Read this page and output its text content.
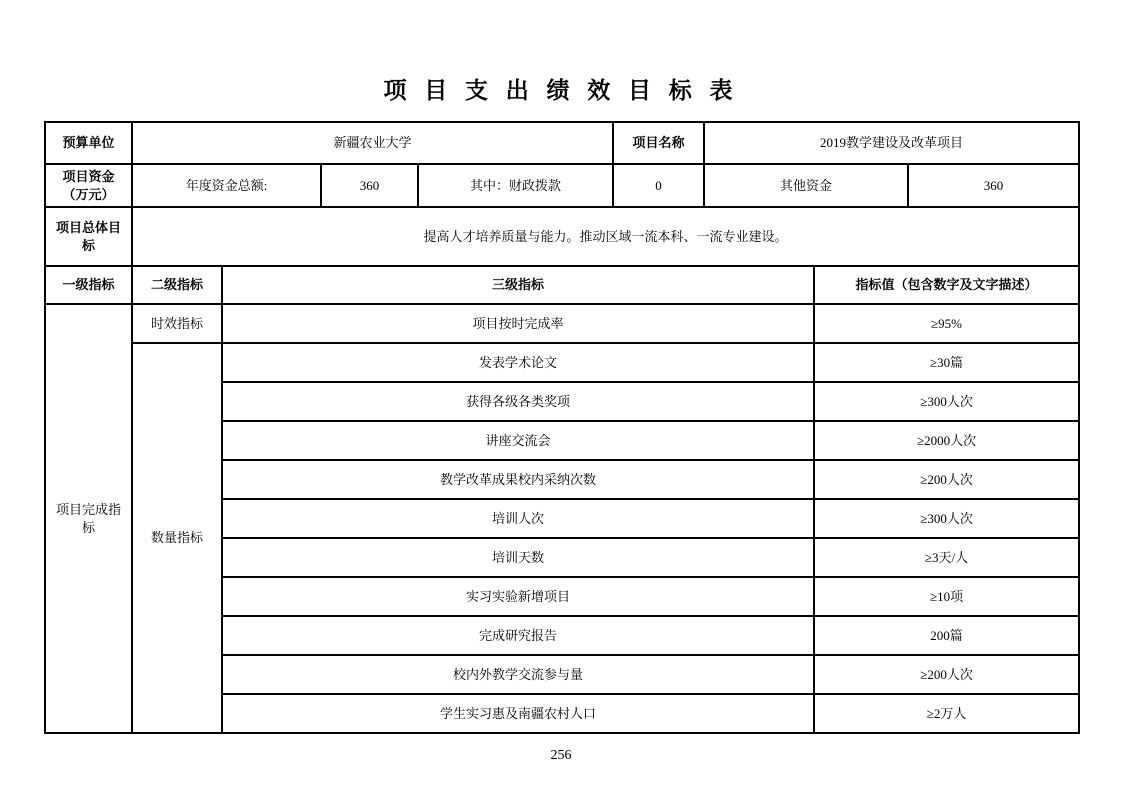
项 目 支 出 绩 效 目 标 表
预算单位	新疆农业大学				项目名称	2019教学建设及改革项目		
项目资金（万元）	年度资金总额:		360	其中：财政拨款	0	其他资金		360
项目总体目标	提高人才培养质量与能力。推动区域一流本科、一流专业建设。							
一级指标	二级指标	三级指标					指标值（包含数字及文字描述）	
项目完成指标	时效指标	项目按时完成率					≥95%	
	数量指标	发表学术论文					≥30篇	
		获得各级各类奖项					≥300人次	
		讲座交流会					≥2000人次	
		教学改革成果校内采纳次数					≥200人次	
		培训人次					≥300人次	
		培训天数					≥3天/人	
		实习实验新增项目					≥10项	
		完成研究报告					200篇	
		校内外教学交流参与量					≥200人次	
		学生实习惠及南疆农村人口					≥2万人	
256
